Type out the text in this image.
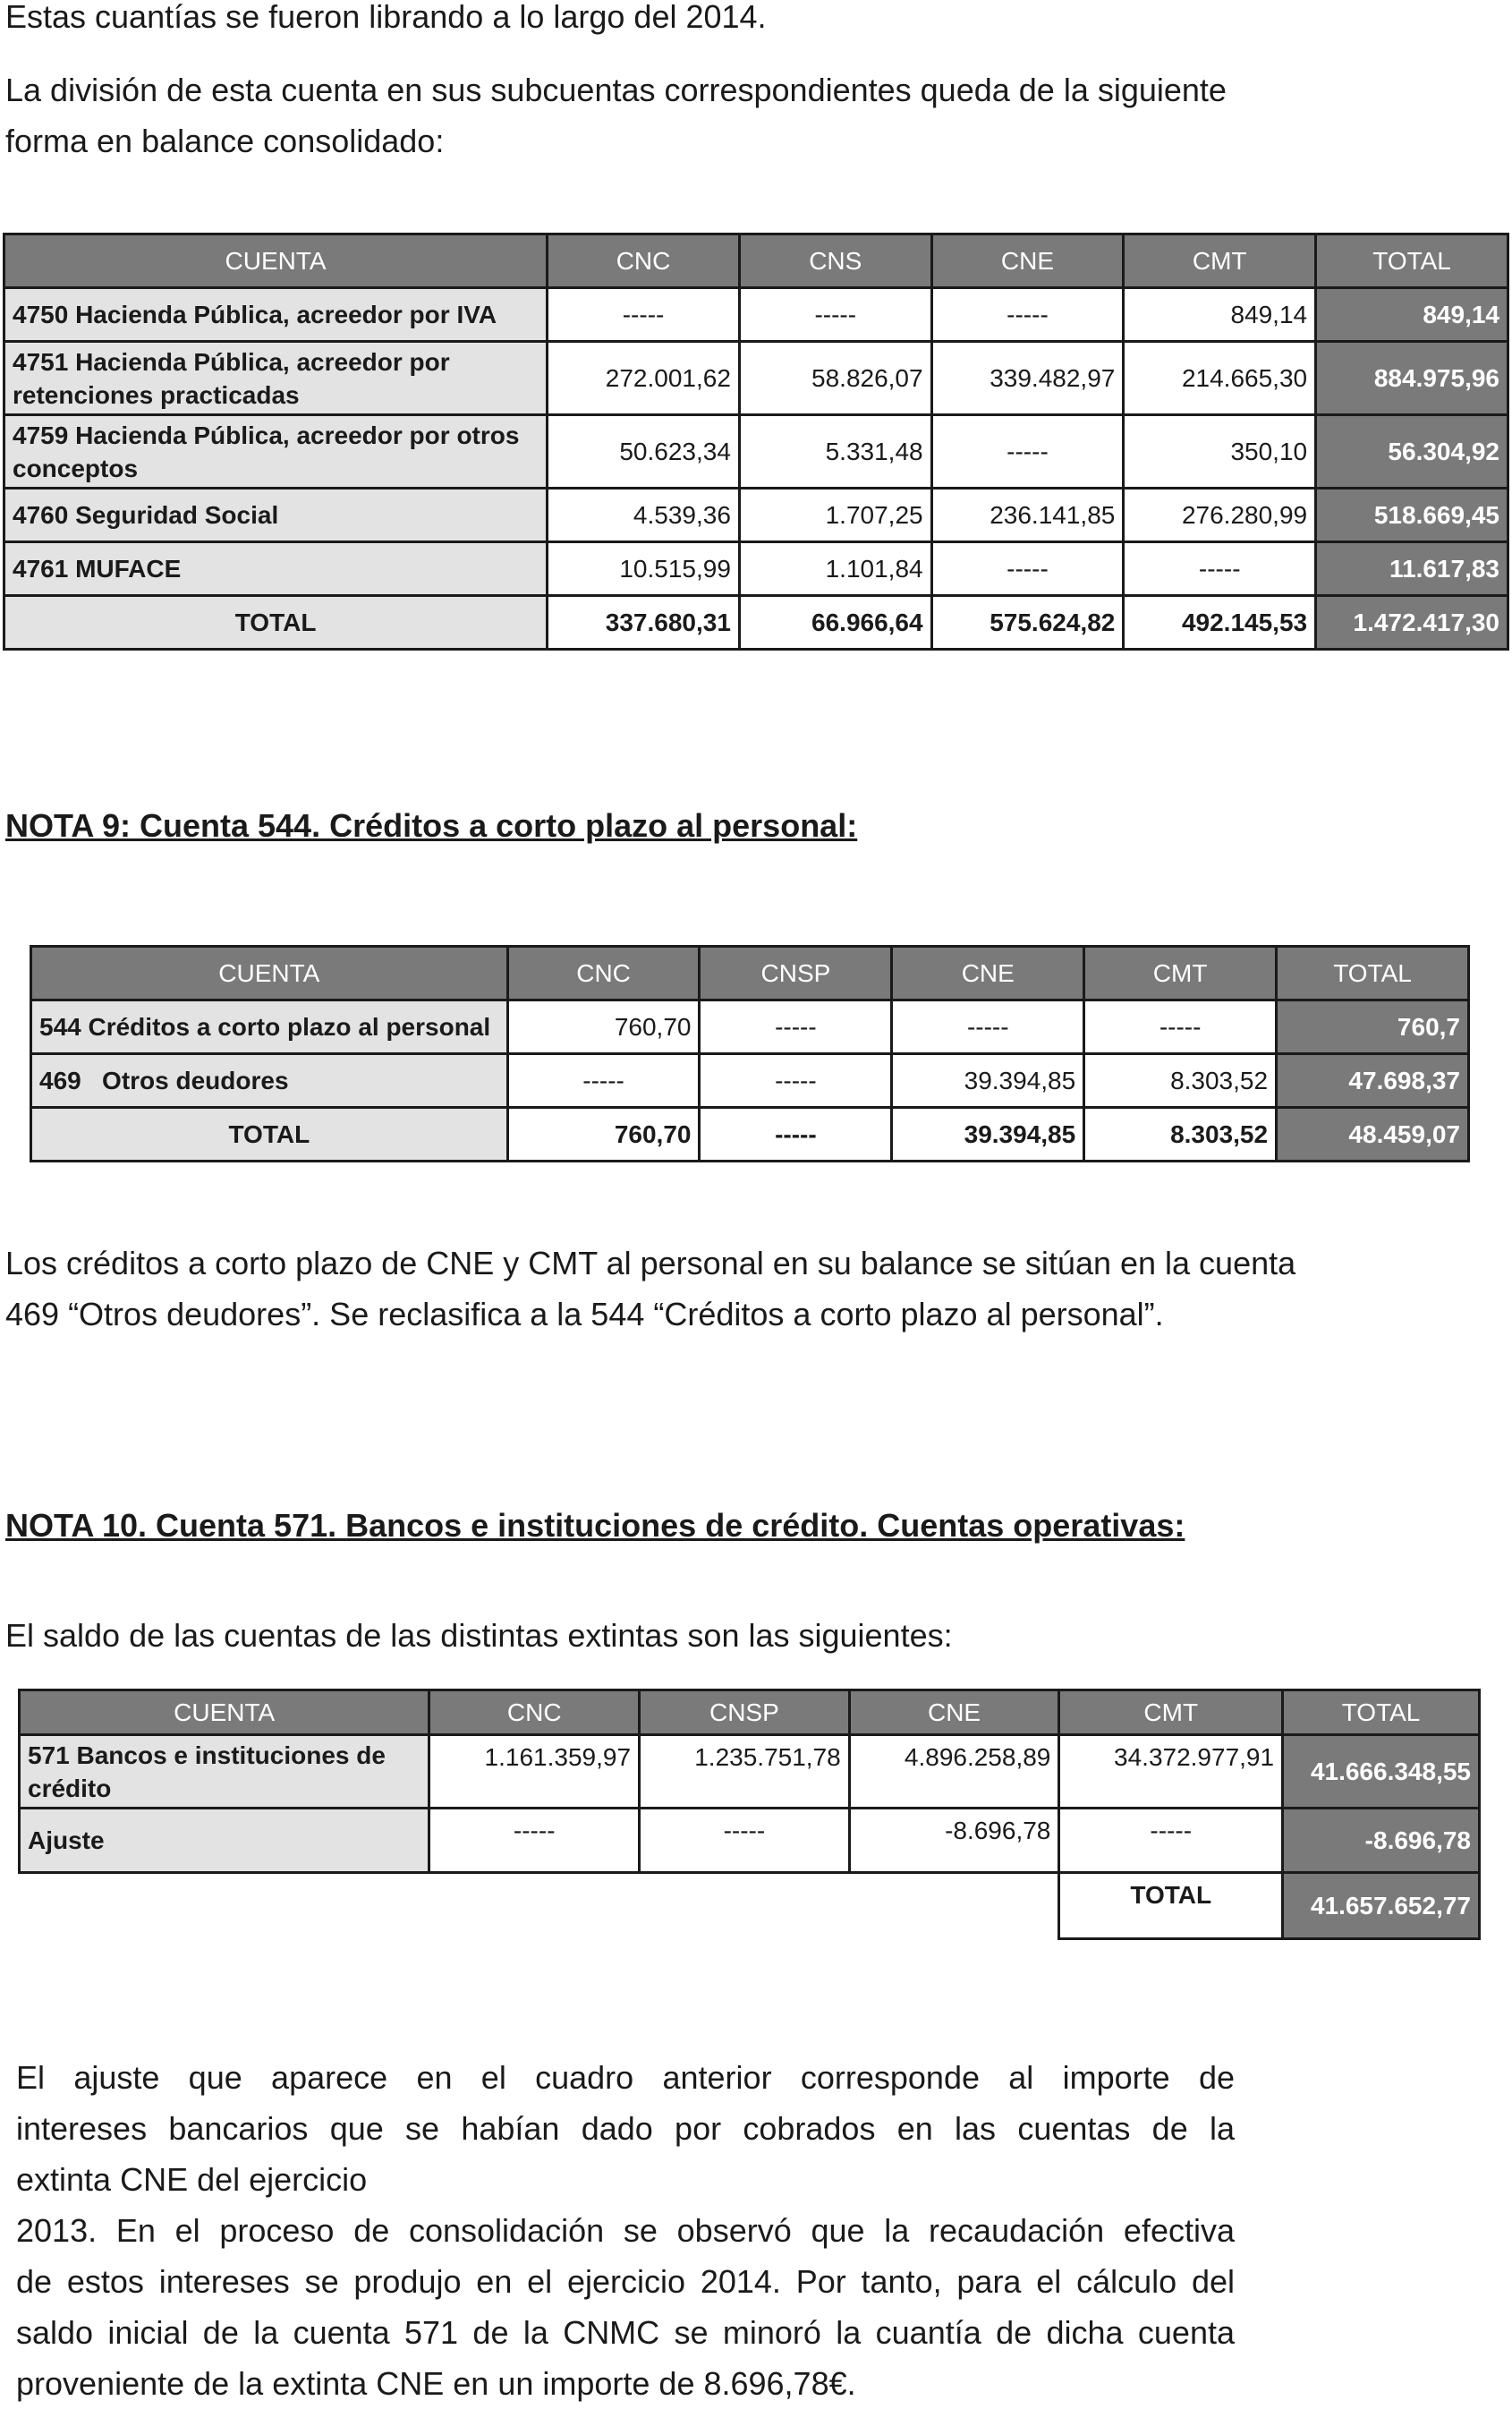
Estas cuantías se fueron librando a lo largo del 2014.

La división de esta cuenta en sus subcuentas correspondientes queda de la siguiente
forma en balance consolidado:

CUENTA	CNC	CNS	CNE	CMT	TOTAL
4750 Hacienda Pública, acreedor por IVA	-----	-----	-----	849,14	849,14

4751 Hacienda Pública, acreedor por
retenciones practicadas	272.001,62	58.826,07	339.482,97	214.665,30	884.975,96

4759 Hacienda Pública, acreedor por otros
conceptos	50.623,34	5.331,48	-----	350,10	56.304,92
4760 Seguridad Social	4.539,36	1.707,25	236.141,85	276.280,99	518.669,45
4761 MUFACE	10.515,99	1.101,84	-----	-----	11.617,83
TOTAL	337.680,31	66.966,64	575.624,82	492.145,53	1.472.417,30

NOTA 9: Cuenta 544. Créditos a corto plazo al personal:

CUENTA	CNC	CNSP	CNE	CMT	TOTAL
544 Créditos a corto plazo al personal	760,70	-----	-----	-----	760,7
469   Otros deudores	-----	-----	39.394,85	8.303,52	47.698,37
TOTAL	760,70	-----	39.394,85	8.303,52	48.459,07

Los créditos a corto plazo de CNE y CMT al personal en su balance se sitúan en la cuenta
469 “Otros deudores”. Se reclasifica a la 544 “Créditos a corto plazo al personal”.

NOTA 10. Cuenta 571. Bancos e instituciones de crédito. Cuentas operativas:

El saldo de las cuentas de las distintas extintas son las siguientes:

CUENTA	CNC	CNSP	CNE	CMT	TOTAL

571 Bancos e instituciones de
crédito	1.161.359,97	1.235.751,78	4.896.258,89	34.372.977,91	41.666.348,55
Ajuste	-----	-----	-8.696,78	-----	-8.696,78
				TOTAL	41.657.652,77

El ajuste que aparece en el cuadro anterior corresponde al importe de
intereses bancarios que se habían dado por cobrados en las cuentas de la
extinta CNE del ejercicio
2013. En el proceso de consolidación se observó que la recaudación efectiva
de estos intereses se produjo en el ejercicio 2014. Por tanto, para el cálculo del
saldo inicial de la cuenta 571 de la CNMC se minoró la cuantía de dicha cuenta
proveniente de la extinta CNE en un importe de 8.696,78€.
